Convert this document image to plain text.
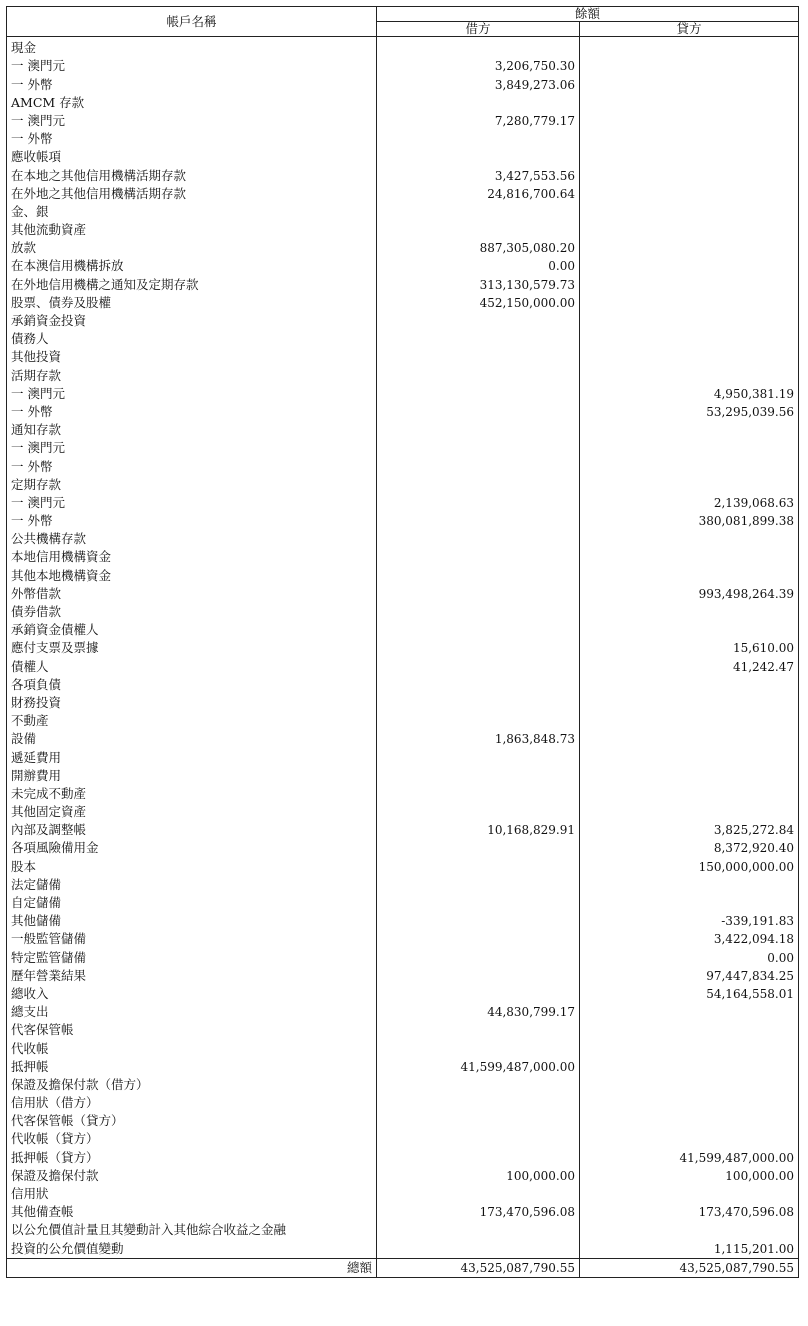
帳戶名稱	餘額	
	借方	貸方
現金		
一 澳門元	3,206,750.30	
一 外幣	3,849,273.06	
AMCM 存款		
一 澳門元	7,280,779.17	
一 外幣		
應收帳項		
在本地之其他信用機構活期存款	3,427,553.56	
在外地之其他信用機構活期存款	24,816,700.64	
金、銀		
其他流動資產		
放款	887,305,080.20	
在本澳信用機構拆放	0.00	
在外地信用機構之通知及定期存款	313,130,579.73	
股票、債券及股權	452,150,000.00	
承銷資金投資		
債務人		
其他投資		
活期存款		
一 澳門元		4,950,381.19
一 外幣		53,295,039.56
通知存款		
一 澳門元		
一 外幣		
定期存款		
一 澳門元		2,139,068.63
一 外幣		380,081,899.38
公共機構存款		
本地信用機構資金		
其他本地機構資金		
外幣借款		993,498,264.39
債券借款		
承銷資金債權人		
應付支票及票據		15,610.00
債權人		41,242.47
各項負債		
財務投資		
不動產		
設備	1,863,848.73	
遞延費用		
開辦費用		
未完成不動產		
其他固定資產		
內部及調整帳	10,168,829.91	3,825,272.84
各項風險備用金		8,372,920.40
股本		150,000,000.00
法定儲備		
自定儲備		
其他儲備		-339,191.83
一般監管儲備		3,422,094.18
特定監管儲備		0.00
歷年營業結果		97,447,834.25
總收入		54,164,558.01
總支出	44,830,799.17	
代客保管帳		
代收帳		
抵押帳	41,599,487,000.00	
保證及擔保付款（借方）		
信用狀（借方）		
代客保管帳（貸方）		
代收帳（貸方）		
抵押帳（貸方）		41,599,487,000.00
保證及擔保付款	100,000.00	100,000.00
信用狀		
其他備查帳	173,470,596.08	173,470,596.08
以公允價值計量且其變動計入其他綜合收益之金融		
投資的公允價值變動		1,115,201.00
總額	43,525,087,790.55	43,525,087,790.55
